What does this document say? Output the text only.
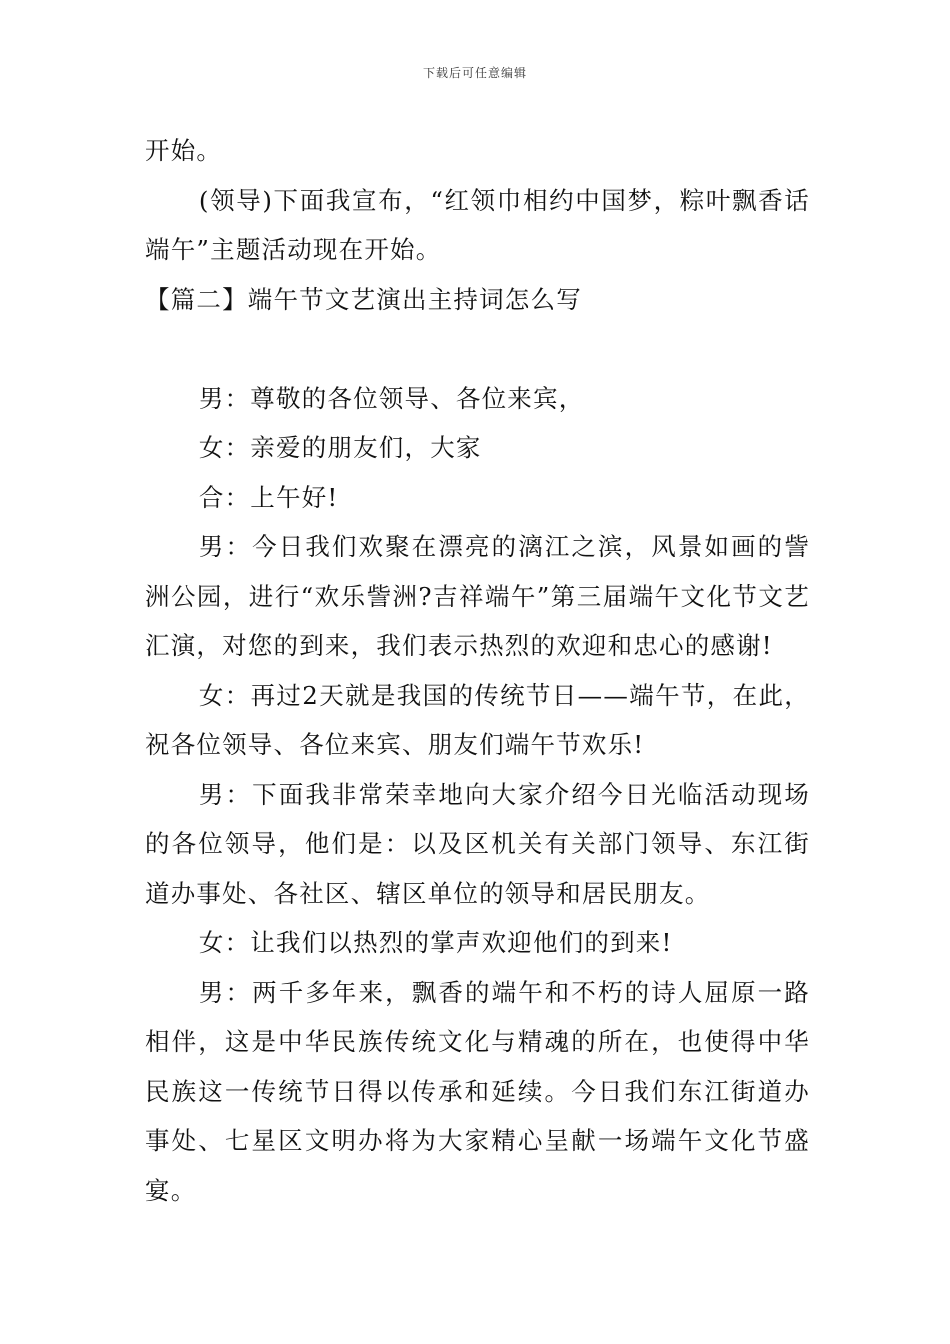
下载后可任意编辑

开始。

(领导)下面我宣布，“红领巾相约中国梦，粽叶飘香话端午”主题活动现在开始。

【篇二】端午节文艺演出主持词怎么写

男：尊敬的各位领导、各位来宾，

女：亲爱的朋友们，大家

合：上午好!

男：今日我们欢聚在漂亮的漓江之滨，风景如画的訾洲公园，进行“欢乐訾洲?吉祥端午”第三届端午文化节文艺汇演，对您的到来，我们表示热烈的欢迎和忠心的感谢!

女：再过2天就是我国的传统节日——端午节，在此，祝各位领导、各位来宾、朋友们端午节欢乐!

男：下面我非常荣幸地向大家介绍今日光临活动现场的各位领导，他们是：以及区机关有关部门领导、东江街道办事处、各社区、辖区单位的领导和居民朋友。

女：让我们以热烈的掌声欢迎他们的到来!

男：两千多年来，飘香的端午和不朽的诗人屈原一路相伴，这是中华民族传统文化与精魂的所在，也使得中华民族这一传统节日得以传承和延续。今日我们东江街道办事处、七星区文明办将为大家精心呈献一场端午文化节盛宴。
